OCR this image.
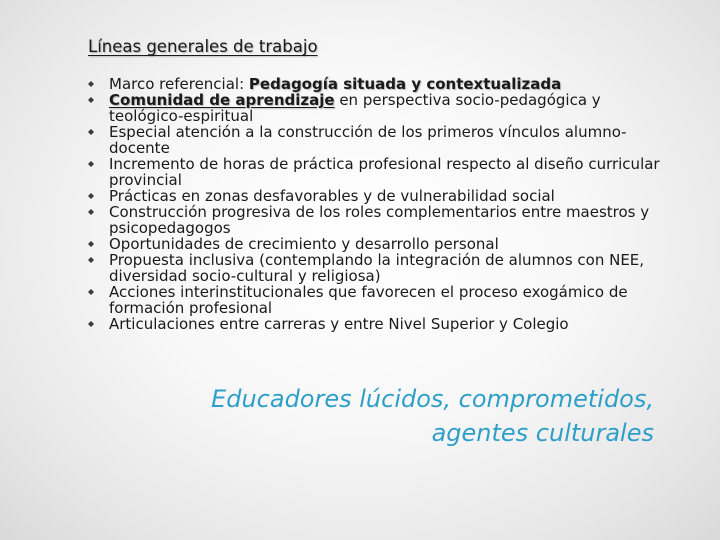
Líneas generales de trabajo
Marco referencial: Pedagogía situada y contextualizada
Comunidad de aprendizaje en perspectiva socio-pedagógica y teológico-espiritual
Especial atención a la construcción de los primeros vínculos alumno-docente
Incremento de horas de práctica profesional respecto al diseño curricular provincial
Prácticas en zonas desfavorables y de vulnerabilidad social
Construcción progresiva de los roles complementarios entre maestros y psicopedagogos
Oportunidades de crecimiento y desarrollo personal
Propuesta inclusiva (contemplando la integración de alumnos con NEE, diversidad socio-cultural y religiosa)
Acciones interinstitucionales que favorecen el proceso exogámico de formación profesional
Articulaciones entre carreras y entre Nivel Superior y Colegio

Educadores lúcidos, comprometidos,
agentes culturales
